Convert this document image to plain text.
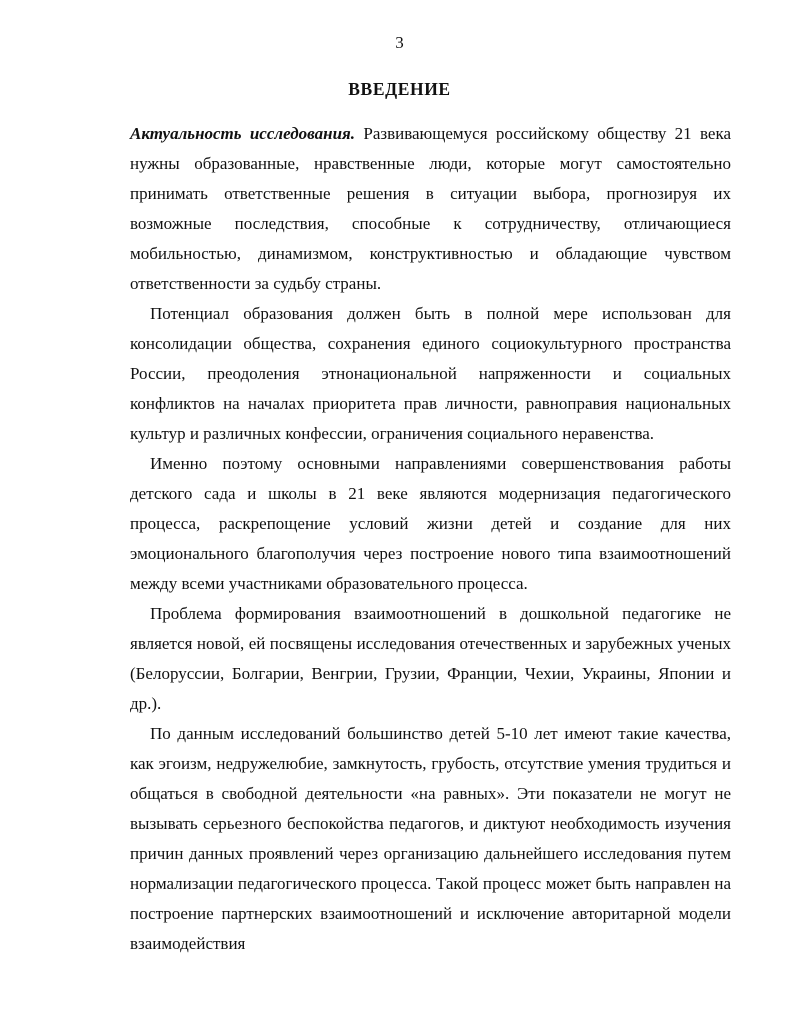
3

ВВЕДЕНИЕ

Актуальность исследования. Развивающемуся российскому обществу 21 века нужны образованные, нравственные люди, которые могут самостоятельно принимать ответственные решения в ситуации выбора, прогнозируя их возможные последствия, способные к сотрудничеству, отличающиеся мобильностью, динамизмом, конструктивностью и обладающие чувством ответственности за судьбу страны.

Потенциал образования должен быть в полной мере использован для консолидации общества, сохранения единого социокультурного пространства России, преодоления этнонациональной напряженности и социальных конфликтов на началах приоритета прав личности, равноправия национальных культур и различных конфессии, ограничения социального неравенства.

Именно поэтому основными направлениями совершенствования работы детского сада и школы в 21 веке являются модернизация педагогического процесса, раскрепощение условий жизни детей и создание для них эмоционального благополучия через построение нового типа взаимоотношений между всеми участниками образовательного процесса.

Проблема формирования взаимоотношений в дошкольной педагогике не является новой, ей посвящены исследования отечественных и зарубежных ученых (Белоруссии, Болгарии, Венгрии, Грузии, Франции, Чехии, Украины, Японии и др.).

По данным исследований большинство детей 5-10 лет имеют такие качества, как эгоизм, недружелюбие, замкнутость, грубость, отсутствие умения трудиться и общаться в свободной деятельности «на равных». Эти показатели не могут не вызывать серьезного беспокойства педагогов, и диктуют необходимость изучения причин данных проявлений через организацию дальнейшего исследования путем нормализации педагогического процесса. Такой процесс может быть направлен на построение партнерских взаимоотношений и исключение авторитарной модели взаимодействия
